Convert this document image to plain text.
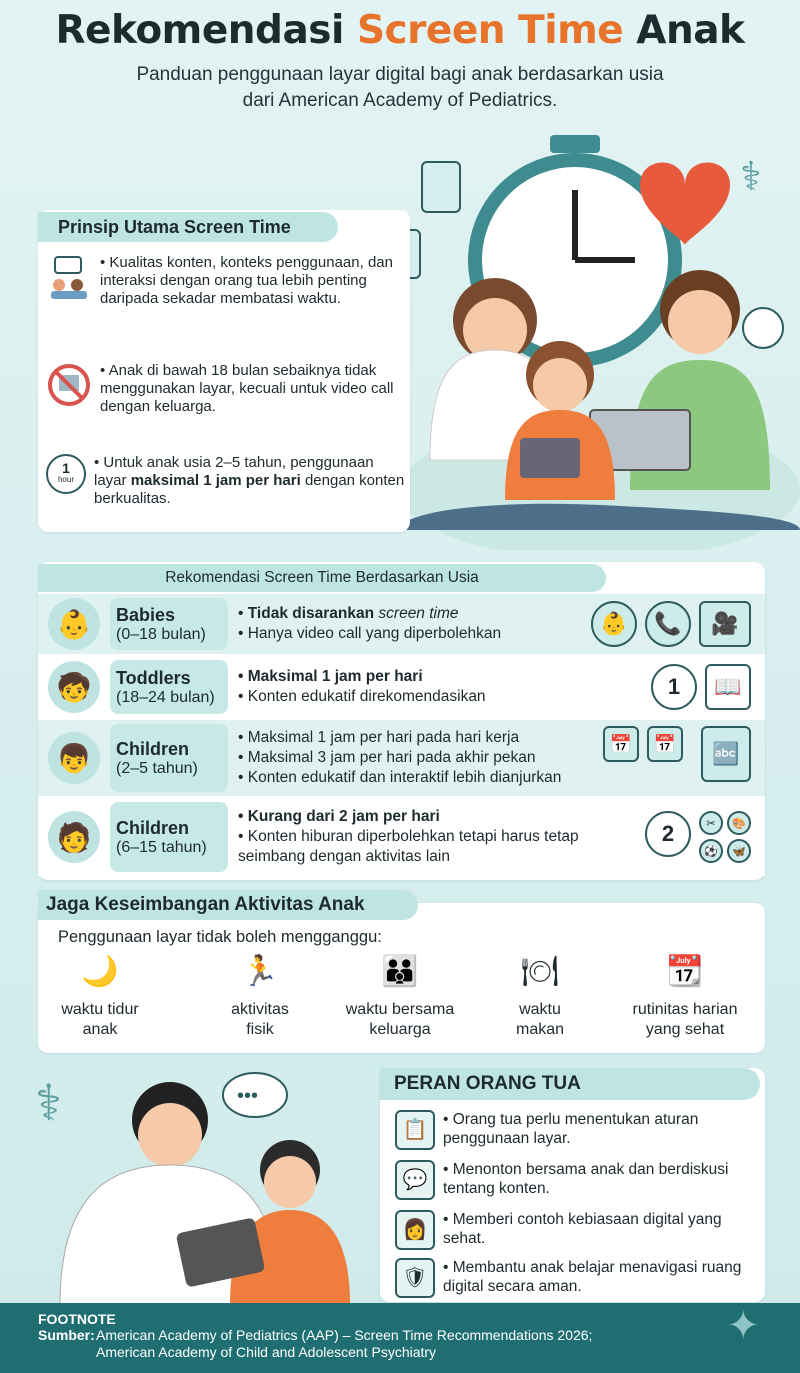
Rekomendasi Screen Time Anak
Panduan penggunaan layar digital bagi anak berdasarkan usia
dari American Academy of Pediatrics.
⚕
Prinsip Utama Screen Time
• Kualitas konten, konteks penggunaan, dan interaksi dengan orang tua lebih penting daripada sekadar membatasi waktu.
• Anak di bawah 18 bulan sebaiknya tidak menggunakan layar, kecuali untuk video call dengan keluarga.
1
hour
• Untuk anak usia 2–5 tahun, penggunaan layar maksimal 1 jam per hari dengan konten berkualitas.
Rekomendasi Screen Time Berdasarkan Usia
👶	Babies
(0–18 bulan)
• Tidak disarankan screen time
• Hanya video call yang diperbolehkan	👶	📞	🎥
🧒	Toddlers
(18–24 bulan)
• Maksimal 1 jam per hari
• Konten edukatif direkomendasikan	1	📖
👦	Children
(2–5 tahun)
• Maksimal 1 jam per hari pada hari kerja
• Maksimal 3 jam per hari pada akhir pekan
• Konten edukatif dan interaktif lebih dianjurkan
📅	📅	🔤
🧑	Children
(6–15 tahun)
• Kurang dari 2 jam per hari
• Konten hiburan diperbolehkan tetapi harus tetap seimbang dengan aktivitas lain
2	✂	🎨
⚽	🦋
Jaga Keseimbangan Aktivitas Anak
Penggunaan layar tidak boleh mengganggu:
🌙
waktu tidur
anak
🏃
aktivitas
fisik
👪
waktu bersama
keluarga
🍽
waktu
makan
📆
rutinitas harian
yang sehat
⚕	•••
PERAN ORANG TUA
📋	• Orang tua perlu menentukan aturan penggunaan layar.
💬	• Menonton bersama anak dan berdiskusi tentang konten.
👩	• Memberi contoh kebiasaan digital yang sehat.
🛡	• Membantu anak belajar menavigasi ruang digital secara aman.
FOOTNOTE
Sumber: American Academy of Pediatrics (AAP) – Screen Time Recommendations 2026;
American Academy of Child and Adolescent Psychiatry
✦
